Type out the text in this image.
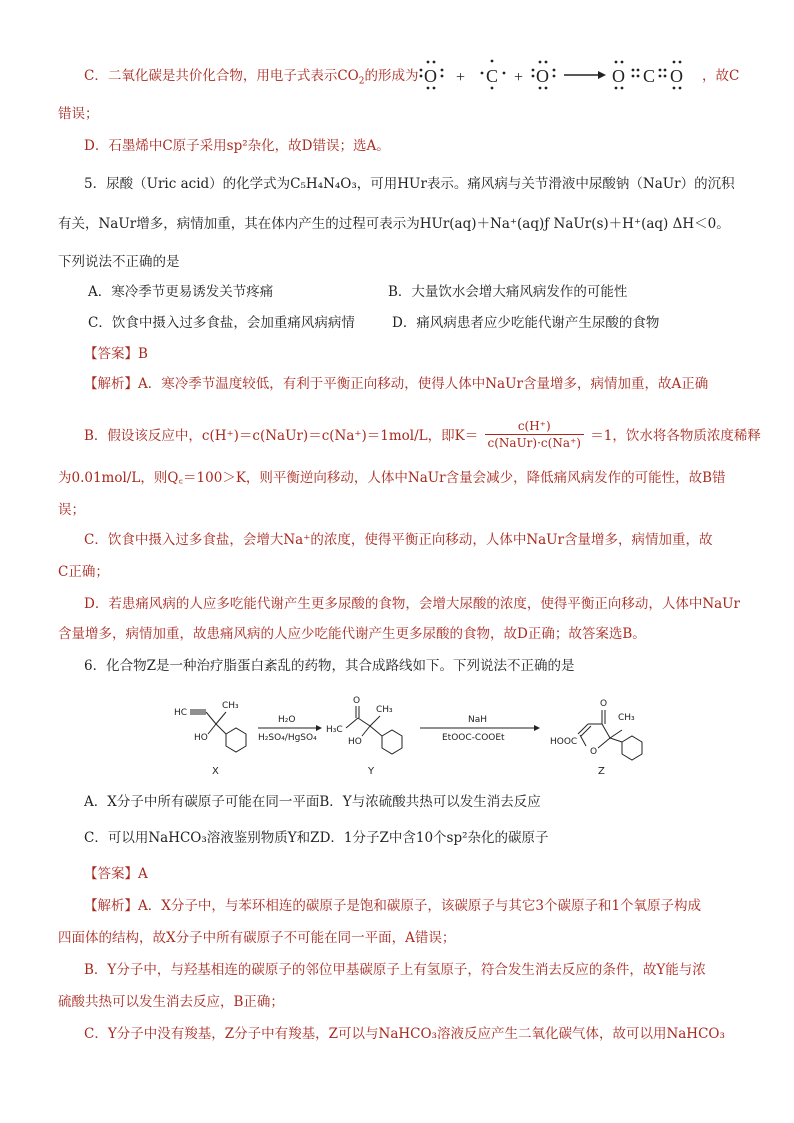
C．二氧化碳是共价化合物，用电子式表示$CO_2$的形成为 O + C + O	O C O ，故C
错误；
D．石墨烯中C原子采用sp²杂化，故D错误；选A。
5．尿酸（Uric acid）的化学式为C₅H₄N₄O₃，可用HUr表示。痛风病与关节滑液中尿酸钠（NaUr）的沉积
有关，NaUr增多，病情加重，其在体内产生的过程可表示为HUr(aq)＋Na⁺(aq)ƒ NaUr(s)＋H⁺(aq) ΔH＜0。
下列说法不正确的是
A．寒冷季节更易诱发关节疼痛	B．大量饮水会增大痛风病发作的可能性
C．饮食中摄入过多食盐，会加重痛风病病情	D．痛风病患者应少吃能代谢产生尿酸的食物
【答案】B
【解析】A．寒冷季节温度较低，有利于平衡正向移动，使得人体中NaUr含量增多，病情加重，故A正确
B．假设该反应中，c(H⁺)＝c(NaUr)＝c(Na⁺)＝1mol/L，即K＝
c(H⁺)
c(NaUr)·c(Na⁺) ＝1，饮水将各物质浓度稀释
为0.01mol/L，则Q꜀＝100＞K，则平衡逆向移动，人体中NaUr含量会减少，降低痛风病发作的可能性，故B错
误；
C．饮食中摄入过多食盐，会增大Na⁺的浓度，使得平衡正向移动，人体中NaUr含量增多，病情加重，故
C正确；
D．若患痛风病的人应多吃能代谢产生更多尿酸的食物，会增大尿酸的浓度，使得平衡正向移动，人体中NaUr
含量增多，病情加重，故患痛风病的人应少吃能代谢产生更多尿酸的食物，故D正确；故答案选B。
6．化合物Z是一种治疗脂蛋白紊乱的药物，其合成路线如下。下列说法不正确的是
HC
CH₃
HO
X
H₂O
H₂SO₄/HgSO₄
O
H₃C
HO
CH₃
Y
NaH
EtOOC-COOEt
O
CH₃
HOOC
O
Z
A．X分子中所有碳原子可能在同一平面B．Y与浓硫酸共热可以发生消去反应
C．可以用NaHCO₃溶液鉴别物质Y和ZD．1分子Z中含10个sp²杂化的碳原子
【答案】A
【解析】A．X分子中，与苯环相连的碳原子是饱和碳原子，该碳原子与其它3个碳原子和1个氧原子构成
四面体的结构，故X分子中所有碳原子不可能在同一平面，A错误；
B．Y分子中，与羟基相连的碳原子的邻位甲基碳原子上有氢原子，符合发生消去反应的条件，故Y能与浓
硫酸共热可以发生消去反应，B正确；
C．Y分子中没有羧基，Z分子中有羧基，Z可以与NaHCO₃溶液反应产生二氧化碳气体，故可以用NaHCO₃
